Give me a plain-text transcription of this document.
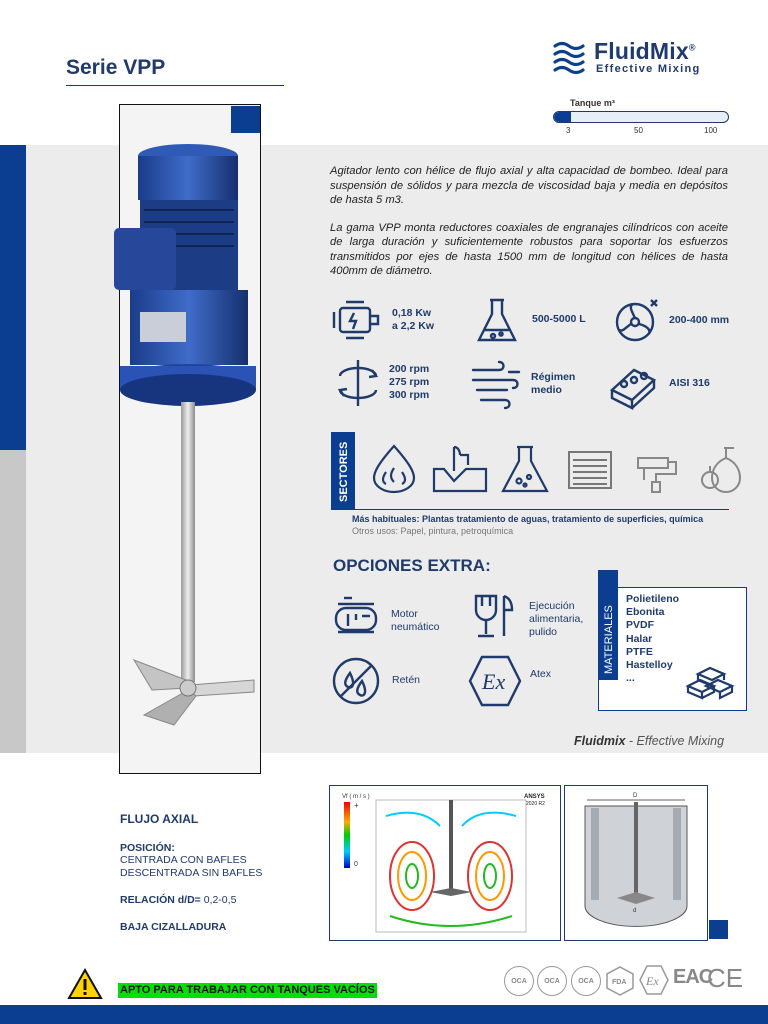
Serie VPP
FluidMix®
Effective Mixing
Tanque m³
3	50	100

Agitador lento con hélice de flujo axial y alta capacidad de bombeo. Ideal para suspensión de sólidos y para mezcla de viscosidad baja y media en depósitos de hasta 5 m3.

La gama VPP monta reductores coaxiales de engranajes cilíndricos con aceite de larga duración y suficientemente robustos para soportar los esfuerzos transmitidos por ejes de hasta 1500 mm de longitud con hélices de hasta 400mm de diámetro.

0,18 Kw
a 2,2 Kw
500-5000 L	200-400 mm
200 rpm
275 rpm
300 rpm
Régimen
medio
AISI 316
SECTORES
Más habituales: Plantas tratamiento de aguas, tratamiento de superficies, química
Otros usos: Papel, pintura, petroquímica
OPCIONES EXTRA:
Motor
neumático
Ejecución
alimentaria,
pulido
Retén	Ex Atex	MATERIALES
Polietileno
Ebonita
PVDF
Halar
PTFE
Hastelloy
...
Fluidmix - Effective Mixing
FLUJO AXIAL
POSICIÓN:
CENTRADA CON BAFLES
DESCENTRADA SIN BAFLES
RELACIÓN d/D= 0,2-0,5
BAJA CIZALLADURA
Vf ( m / s )
+
0
ANSYS
2020 R2
D
d
APTO PARA TRABAJAR CON TANQUES VACÍOS
OCA	OCA	OCA	FDA Ex EAC
CE
